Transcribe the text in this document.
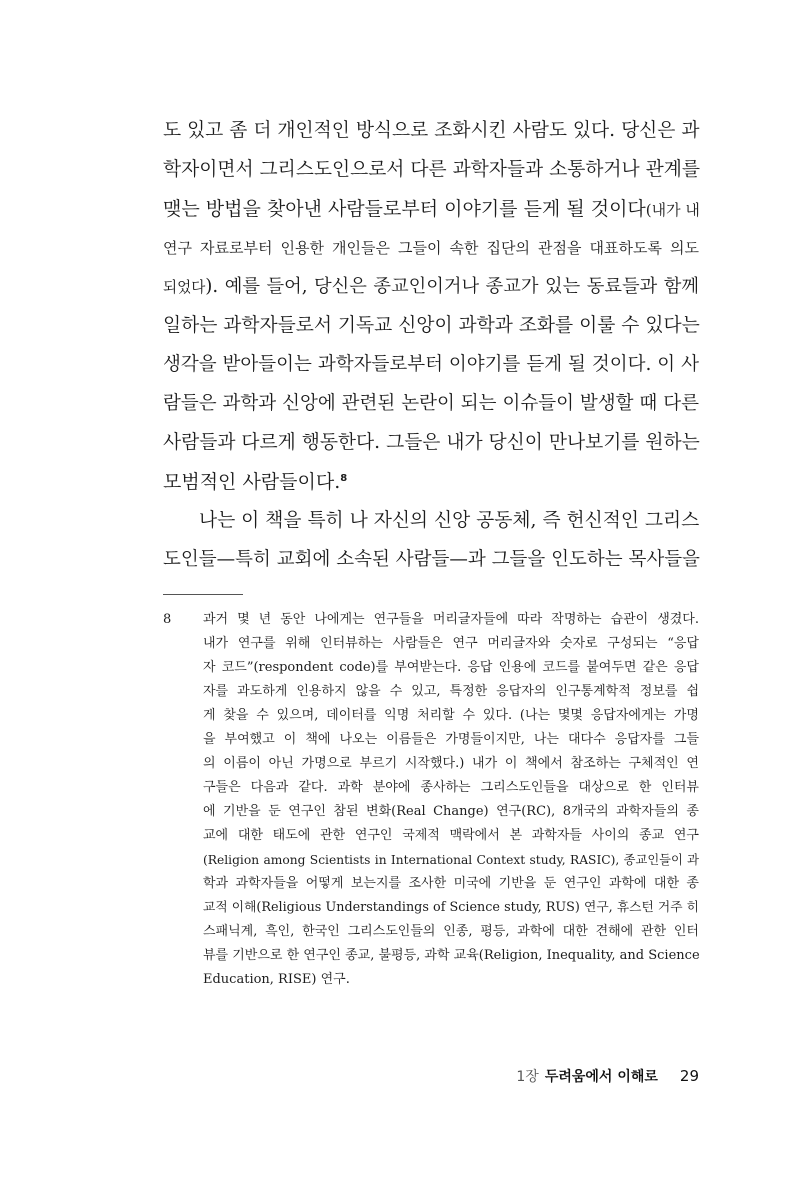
도 있고 좀 더 개인적인 방식으로 조화시킨 사람도 있다. 당신은 과
학자이면서 그리스도인으로서 다른 과학자들과 소통하거나 관계를
맺는 방법을 찾아낸 사람들로부터 이야기를 듣게 될 것이다(내가 내
연구 자료로부터 인용한 개인들은 그들이 속한 집단의 관점을 대표하도록 의도
되었다). 예를 들어, 당신은 종교인이거나 종교가 있는 동료들과 함께
일하는 과학자들로서 기독교 신앙이 과학과 조화를 이룰 수 있다는
생각을 받아들이는 과학자들로부터 이야기를 듣게 될 것이다. 이 사
람들은 과학과 신앙에 관련된 논란이 되는 이슈들이 발생할 때 다른
사람들과 다르게 행동한다. 그들은 내가 당신이 만나보기를 원하는
모범적인 사람들이다.$^8$
나는 이 책을 특히 나 자신의 신앙 공동체, 즉 헌신적인 그리스
도인들—특히 교회에 소속된 사람들—과 그들을 인도하는 목사들을
8 과거 몇 년 동안 나에게는 연구들을 머리글자들에 따라 작명하는 습관이 생겼다.
내가 연구를 위해 인터뷰하는 사람들은 연구 머리글자와 숫자로 구성되는 “응답
자 코드”(respondent code)를 부여받는다. 응답 인용에 코드를 붙여두면 같은 응답
자를 과도하게 인용하지 않을 수 있고, 특정한 응답자의 인구통계학적 정보를 쉽
게 찾을 수 있으며, 데이터를 익명 처리할 수 있다. (나는 몇몇 응답자에게는 가명
을 부여했고 이 책에 나오는 이름들은 가명들이지만, 나는 대다수 응답자를 그들
의 이름이 아닌 가명으로 부르기 시작했다.) 내가 이 책에서 참조하는 구체적인 연
구들은 다음과 같다. 과학 분야에 종사하는 그리스도인들을 대상으로 한 인터뷰
에 기반을 둔 연구인 참된 변화(Real Change) 연구(RC), 8개국의 과학자들의 종
교에 대한 태도에 관한 연구인 국제적 맥락에서 본 과학자들 사이의 종교 연구
(Religion among Scientists in International Context study, RASIC), 종교인들이 과
학과 과학자들을 어떻게 보는지를 조사한 미국에 기반을 둔 연구인 과학에 대한 종
교적 이해(Religious Understandings of Science study, RUS) 연구, 휴스턴 거주 히
스패닉계, 흑인, 한국인 그리스도인들의 인종, 평등, 과학에 대한 견해에 관한 인터
뷰를 기반으로 한 연구인 종교, 불평등, 과학 교육(Religion, Inequality, and Science
Education, RISE) 연구.
1장 두려움에서 이해로 29
